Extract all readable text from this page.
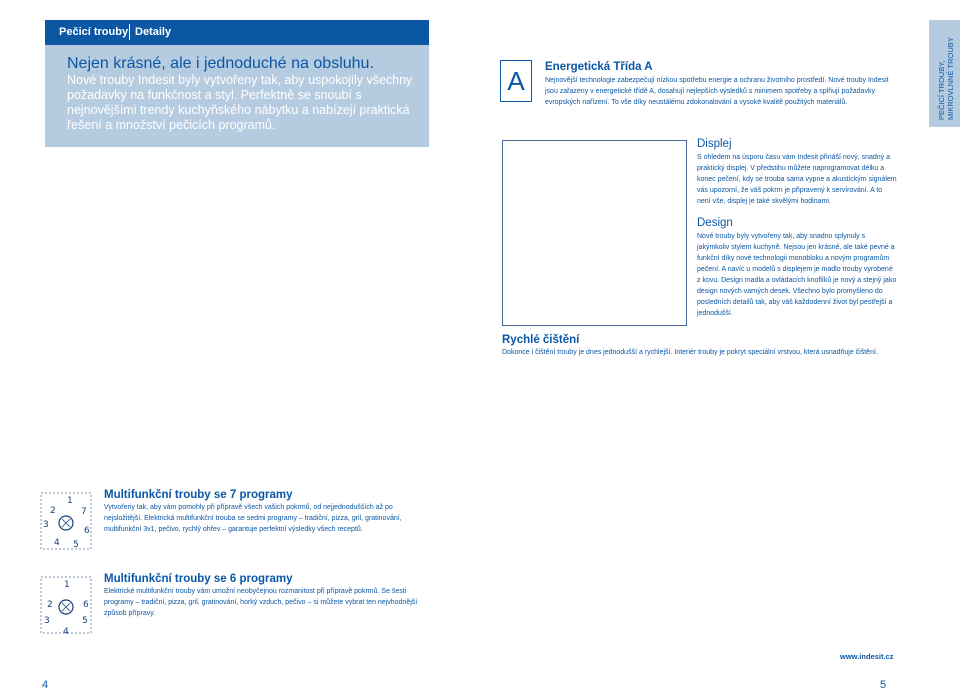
Pečicí trouby Detaily
Nejen krásné, ale i jednoduché na obsluhu.
Nové trouby Indesit byly vytvořeny tak, aby uspokojily všechny požadavky na funkčnost a styl. Perfektně se snoubí s nejnovějšími trendy kuchyňského nábytku a nabízejí praktická řešení a množství pečicích programů.
PEČICÍ TROUBY, MIKROVLNNÉ TROUBY
A	Energetická Třída A
Nejnovější technologie zabezpečují nízkou spotřebu energie a ochranu životního prostředí. Nové trouby Indesit jsou zařazeny v energetické třídě A, dosahují nejlepších výsledků s minimem spotřeby a splňují požadavky evropských nařízení. To vše díky neustálému zdokonalování a vysoké kvalitě použitých materiálů.
Displej
S ohledem na úsporu času vám Indesit přináší nový, snadný a praktický displej. V předstihu můžete naprogramovat délku a konec pečení, kdy se trouba sama vypne a akustickým signálem vás upozorní, že váš pokrm je připravený k servírování. A to není vše, displej je také skvělými hodinami.
Design
Nové trouby byly vytvořeny tak, aby snadno splynuly s jakýmkoliv stylem kuchyně. Nejsou jen krásné, ale také pevné a funkční díky nové technologii monobloku a novým programům pečení. A navíc u modelů s displejem je madlo trouby vyrobené z kovu. Design madla a ovládacích knoflíků je nový a stejný jako design nových varných desek. Všechno bylo promyšleno do posledních detailů tak, aby váš každodenní život byl pestřejší a jednodušší.
Rychlé čištění
Dokonce i čištění trouby je dnes jednodušší a rychlejší. Interiér trouby je pokryt speciální vrstvou, která usnadňuje čištění.
1
2	7
3
6
4 5
Multifunkční trouby se 7 programy
Vytvořeny tak, aby vám pomohly při přípravě všech vašich pokrmů, od nejjednodušších až po nejsložitější. Elektrická multifunkční trouba se sedmi programy – tradiční, pizza, gril, gratinování, multifunkční 3v1, pečivo, rychlý ohřev – garantuje perfektní výsledky všech receptů.
1
2	6
3	5
4
Multifunkční trouby se 6 programy
Elektrické multifunkční trouby vám umožní neobyčejnou rozmanitost při přípravě pokrmů. Se šesti programy – tradiční, pizza, gril, gratinování, horký vzduch, pečivo – si můžete vybrat ten nejvhodnější způsob přípravy.
www.indesit.cz
4	5
